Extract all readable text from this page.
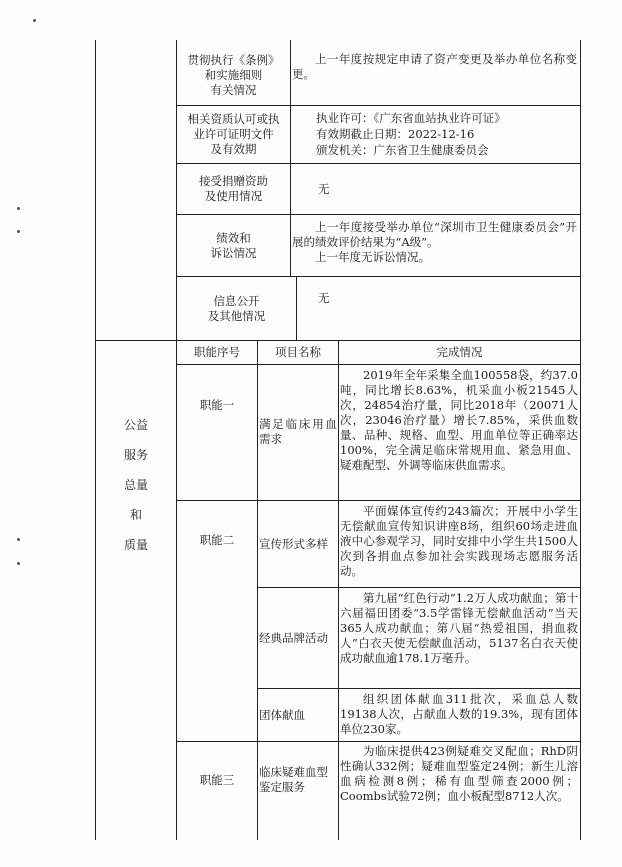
贯彻执行《条例》
和实施细则
有关情况
上一年度按规定申请了资产变更及举办单位名称变更。
相关资质认可或执
业许可证明文件
及有效期
执业许可：《广东省血站执业许可证》
有效期截止日期：2022-12-16
颁发机关：广东省卫生健康委员会
接受捐赠资助
及使用情况
无
绩效和
诉讼情况
上一年度接受举办单位“深圳市卫生健康委员会”开展的绩效评价结果为“A级”。
上一年度无诉讼情况。
信息公开
及其他情况
无
公益
服务
总量
和
质量
职能序号	项目名称	完成情况
职能一
满足临床用血需求
2019年全年采集全血100558袋，约37.0吨，同比增长8.63%，机采血小板21545人次，24854治疗量，同比2018年（20071人次，23046治疗量）增长7.85%，采供血数量、品种、规格、血型、用血单位等正确率达100%，完全满足临床常规用血、紧急用血、疑难配型、外调等临床供血需求。
职能二 宣传形式多样
平面媒体宣传约243篇次；开展中小学生无偿献血宣传知识讲座8场，组织60场走进血液中心参观学习，同时安排中小学生共1500人次到各捐血点参加社会实践现场志愿服务活动。
经典品牌活动
第九届“红色行动”1.2万人成功献血；第十六届福田团委“3.5学雷锋无偿献血活动”当天365人成功献血；第八届“热爱祖国，捐血救人”白衣天使无偿献血活动，5137名白衣天使成功献血逾178.1万毫升。
团体献血
组织团体献血311批次，采血总人数19138人次，占献血人数的19.3%，现有团体单位230家。
职能三
临床疑难血型鉴定服务
为临床提供423例疑难交叉配血；RhD阴性确认332例；疑难血型鉴定24例；新生儿溶血病检测8例；稀有血型筛查2000例；Coombs试验72例；血小板配型8712人次。
